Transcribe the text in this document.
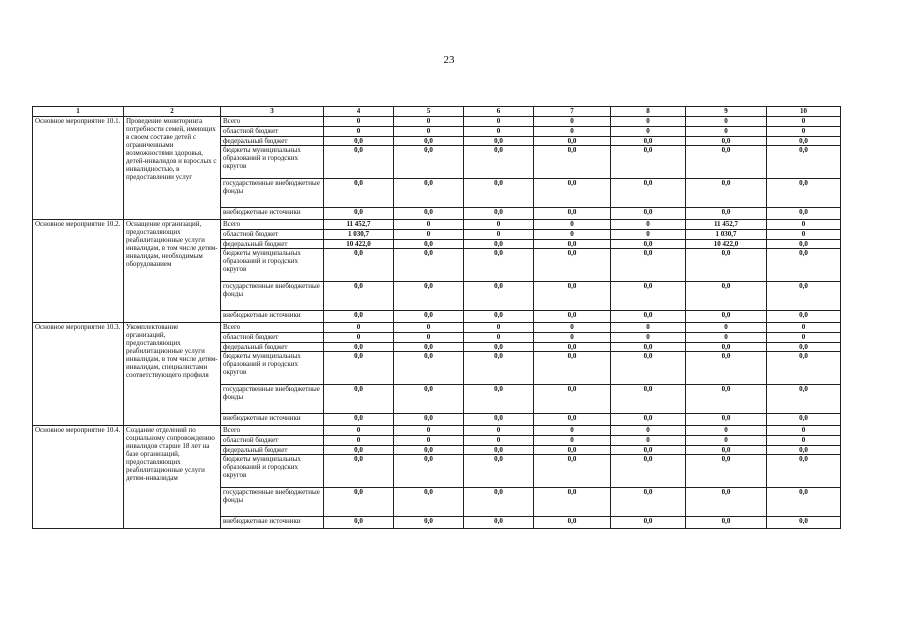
23
1	2	3	4	5	6	7	8	9	10
Основное мероприятие 10.1.	Проведение мониторинга потребности семей, имеющих в своем составе детей с ограниченными возможностями здоровья, детей-инвалидов и взрослых с инвалидностью, в предоставлении услуг	Всего	0	0	0	0	0	0	0
		областной бюджет	0	0	0	0	0	0	0
		федеральный бюджет	0,0	0,0	0,0	0,0	0,0	0,0	0,0
		бюджеты муниципальных образований и городских округов	0,0	0,0	0,0	0,0	0,0	0,0	0,0
		государственные внебюджетные фонды	0,0	0,0	0,0	0,0	0,0	0,0	0,0
		внебюджетные источники	0,0	0,0	0,0	0,0	0,0	0,0	0,0
Основное мероприятие 10.2.	Оснащение организаций, предоставляющих реабилитационные услуги инвалидам, в том числе детям-инвалидам, необходимым оборудованием	Всего	11 452,7	0	0	0	0	11 452,7	0
		областной бюджет	1 030,7	0	0	0	0	1 030,7	0
		федеральный бюджет	10 422,0	0,0	0,0	0,0	0,0	10 422,0	0,0
		бюджеты муниципальных образований и городских округов	0,0	0,0	0,0	0,0	0,0	0,0	0,0
		государственные внебюджетные фонды	0,0	0,0	0,0	0,0	0,0	0,0	0,0
		внебюджетные источники	0,0	0,0	0,0	0,0	0,0	0,0	0,0
Основное мероприятие 10.3.	Укомплектование организаций, предоставляющих реабилитационные услуги инвалидам, в том числе детям-инвалидам, специалистами соответствующего профиля	Всего	0	0	0	0	0	0	0
		областной бюджет	0	0	0	0	0	0	0
		федеральный бюджет	0,0	0,0	0,0	0,0	0,0	0,0	0,0
		бюджеты муниципальных образований и городских округов	0,0	0,0	0,0	0,0	0,0	0,0	0,0
		государственные внебюджетные фонды	0,0	0,0	0,0	0,0	0,0	0,0	0,0
		внебюджетные источники	0,0	0,0	0,0	0,0	0,0	0,0	0,0
Основное мероприятие 10.4.	Создание отделений по социальному сопровождению инвалидов старше 18 лет на базе организаций, предоставляющих реабилитационные услуги детям-инвалидам	Всего	0	0	0	0	0	0	0
		областной бюджет	0	0	0	0	0	0	0
		федеральный бюджет	0,0	0,0	0,0	0,0	0,0	0,0	0,0
		бюджеты муниципальных образований и городских округов	0,0	0,0	0,0	0,0	0,0	0,0	0,0
		государственные внебюджетные фонды	0,0	0,0	0,0	0,0	0,0	0,0	0,0
		внебюджетные источники	0,0	0,0	0,0	0,0	0,0	0,0	0,0
